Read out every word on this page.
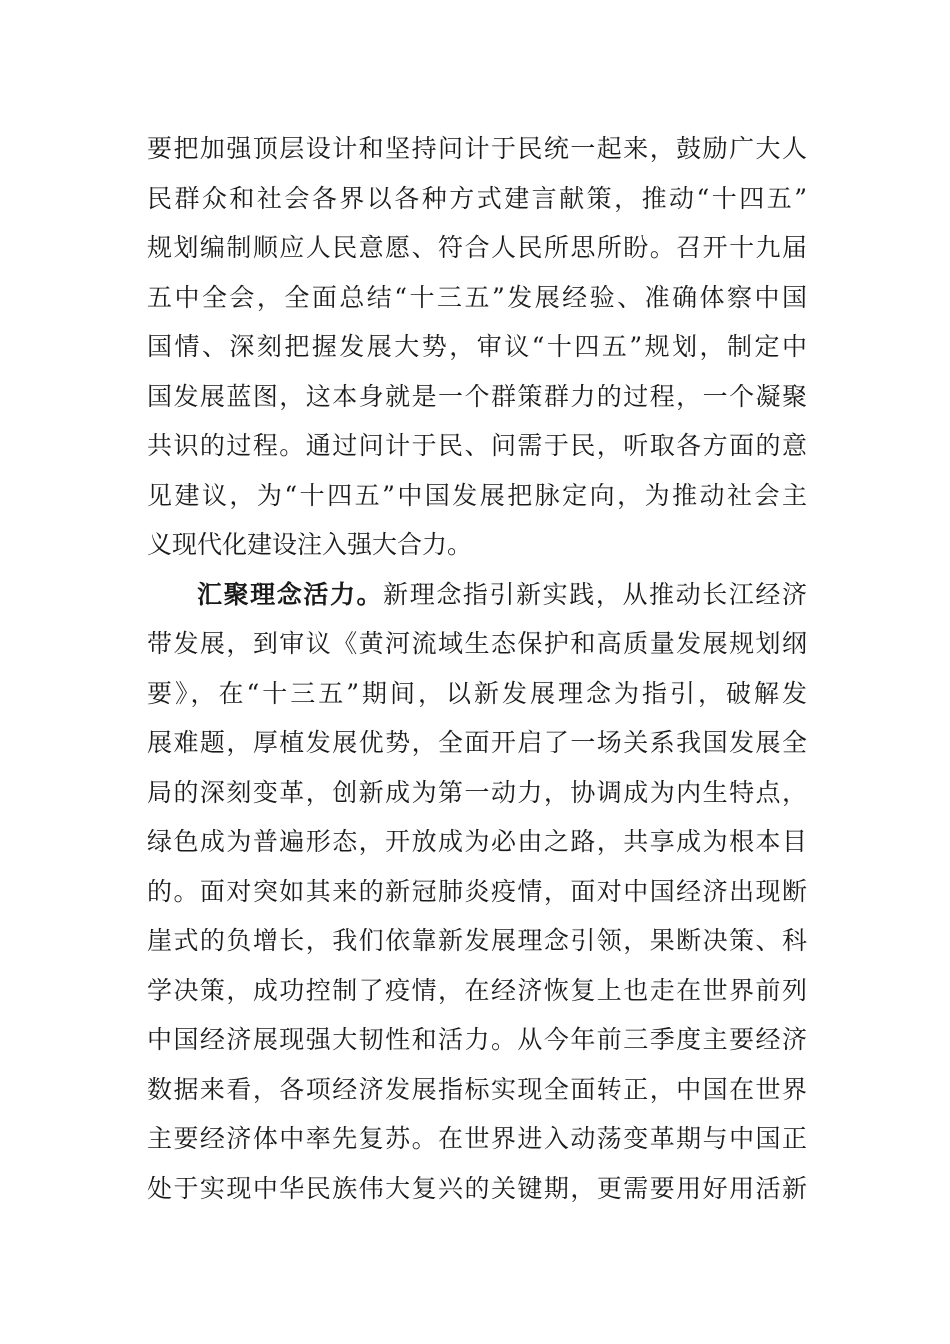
要把加强顶层设计和坚持问计于民统一起来，鼓励广大人
民群众和社会各界以各种方式建言献策，推动“十四五”
规划编制顺应人民意愿、符合人民所思所盼。召开十九届
五中全会，全面总结“十三五”发展经验、准确体察中国
国情、深刻把握发展大势，审议“十四五”规划，制定中
国发展蓝图，这本身就是一个群策群力的过程，一个凝聚
共识的过程。通过问计于民、问需于民，听取各方面的意
见建议，为“十四五”中国发展把脉定向，为推动社会主
义现代化建设注入强大合力。
汇聚理念活力。新理念指引新实践，从推动长江经济
带发展，到审议《黄河流域生态保护和高质量发展规划纲
要》，在“十三五”期间，以新发展理念为指引，破解发
展难题，厚植发展优势，全面开启了一场关系我国发展全
局的深刻变革，创新成为第一动力，协调成为内生特点，
绿色成为普遍形态，开放成为必由之路，共享成为根本目
的。面对突如其来的新冠肺炎疫情，面对中国经济出现断
崖式的负增长，我们依靠新发展理念引领，果断决策、科
学决策，成功控制了疫情，在经济恢复上也走在世界前列
中国经济展现强大韧性和活力。从今年前三季度主要经济
数据来看，各项经济发展指标实现全面转正，中国在世界
主要经济体中率先复苏。在世界进入动荡变革期与中国正
处于实现中华民族伟大复兴的关键期，更需要用好用活新
